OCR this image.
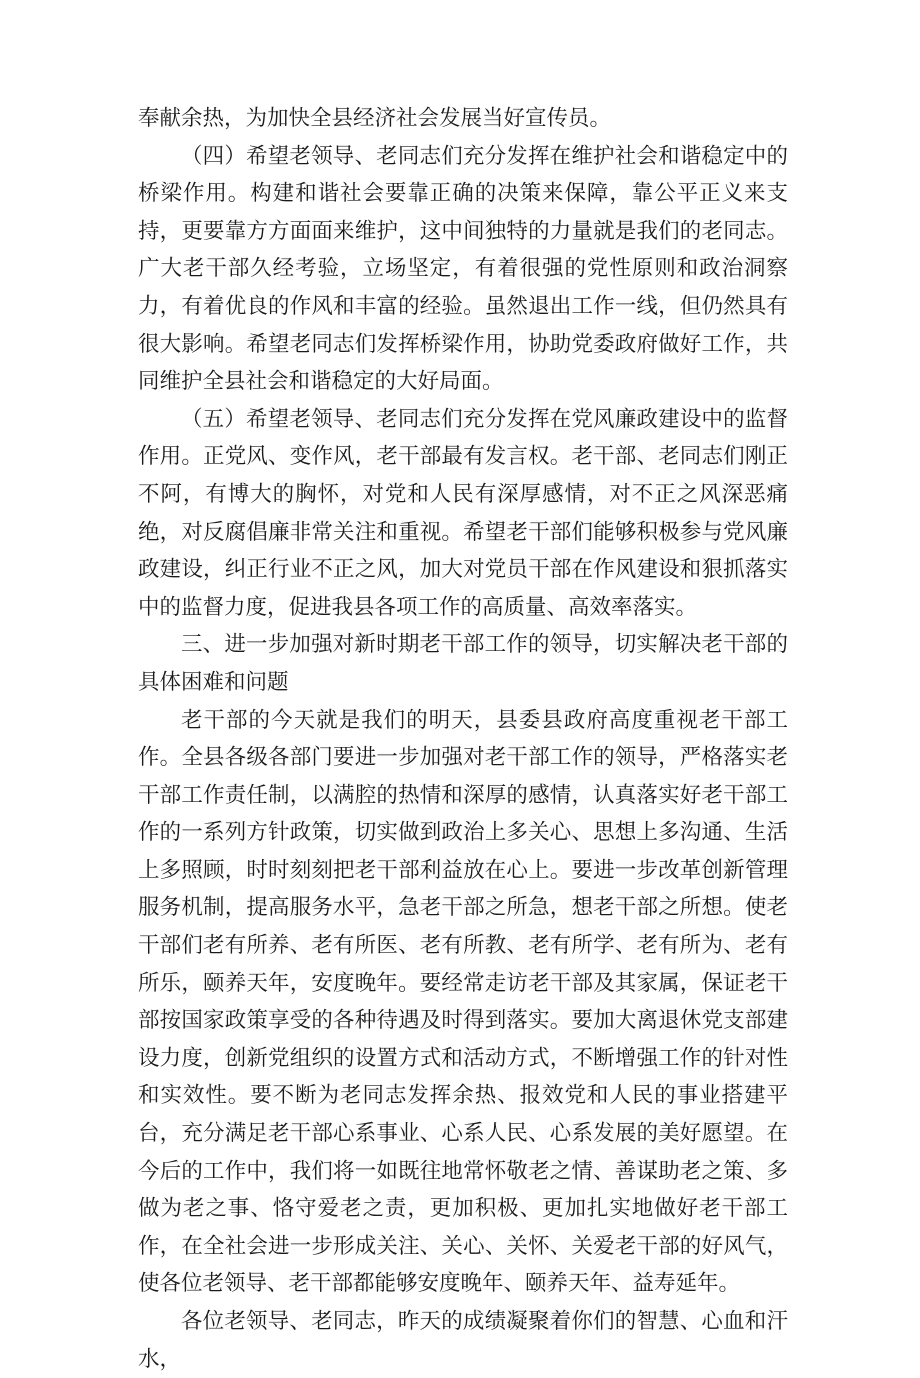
奉献余热，为加快全县经济社会发展当好宣传员。

（四）希望老领导、老同志们充分发挥在维护社会和谐稳定中的桥梁作用。构建和谐社会要靠正确的决策来保障，靠公平正义来支持，更要靠方方面面来维护，这中间独特的力量就是我们的老同志。广大老干部久经考验，立场坚定，有着很强的党性原则和政治洞察力，有着优良的作风和丰富的经验。虽然退出工作一线，但仍然具有很大影响。希望老同志们发挥桥梁作用，协助党委政府做好工作，共同维护全县社会和谐稳定的大好局面。

（五）希望老领导、老同志们充分发挥在党风廉政建设中的监督作用。正党风、变作风，老干部最有发言权。老干部、老同志们刚正不阿，有博大的胸怀，对党和人民有深厚感情，对不正之风深恶痛绝，对反腐倡廉非常关注和重视。希望老干部们能够积极参与党风廉政建设，纠正行业不正之风，加大对党员干部在作风建设和狠抓落实中的监督力度，促进我县各项工作的高质量、高效率落实。

三、进一步加强对新时期老干部工作的领导，切实解决老干部的具体困难和问题

老干部的今天就是我们的明天，县委县政府高度重视老干部工作。全县各级各部门要进一步加强对老干部工作的领导，严格落实老干部工作责任制，以满腔的热情和深厚的感情，认真落实好老干部工作的一系列方针政策，切实做到政治上多关心、思想上多沟通、生活上多照顾，时时刻刻把老干部利益放在心上。要进一步改革创新管理服务机制，提高服务水平，急老干部之所急，想老干部之所想。使老干部们老有所养、老有所医、老有所教、老有所学、老有所为、老有所乐，颐养天年，安度晚年。要经常走访老干部及其家属，保证老干部按国家政策享受的各种待遇及时得到落实。要加大离退休党支部建设力度，创新党组织的设置方式和活动方式，不断增强工作的针对性和实效性。要不断为老同志发挥余热、报效党和人民的事业搭建平台，充分满足老干部心系事业、心系人民、心系发展的美好愿望。在今后的工作中，我们将一如既往地常怀敬老之情、善谋助老之策、多做为老之事、恪守爱老之责，更加积极、更加扎实地做好老干部工作，在全社会进一步形成关注、关心、关怀、关爱老干部的好风气，使各位老领导、老干部都能够安度晚年、颐养天年、益寿延年。

各位老领导、老同志，昨天的成绩凝聚着你们的智慧、心血和汗水，
